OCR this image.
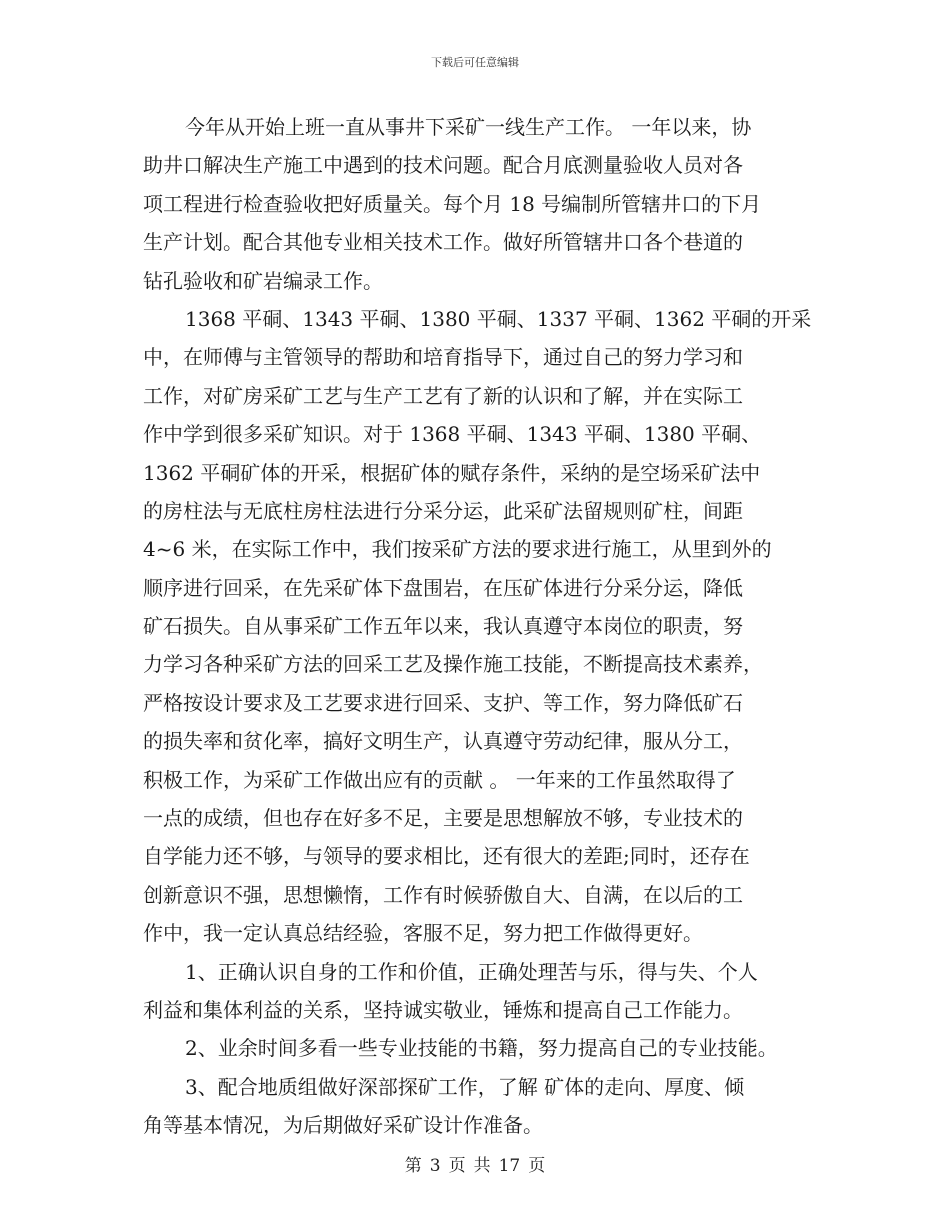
下载后可任意编辑
今年从开始上班一直从事井下采矿一线生产工作。 一年以来，协
助井口解决生产施工中遇到的技术问题。配合月底测量验收人员对各
项工程进行检查验收把好质量关。每个月 18 号编制所管辖井口的下月
生产计划。配合其他专业相关技术工作。做好所管辖井口各个巷道的
钻孔验收和矿岩编录工作。
1368 平硐、1343 平硐、1380 平硐、1337 平硐、1362 平硐的开采
中，在师傅与主管领导的帮助和培育指导下，通过自己的努力学习和
工作，对矿房采矿工艺与生产工艺有了新的认识和了解，并在实际工
作中学到很多采矿知识。对于 1368 平硐、1343 平硐、1380 平硐、
1362 平硐矿体的开采，根据矿体的赋存条件，采纳的是空场采矿法中
的房柱法与无底柱房柱法进行分采分运，此采矿法留规则矿柱，间距
4~6 米，在实际工作中，我们按采矿方法的要求进行施工，从里到外的
顺序进行回采，在先采矿体下盘围岩，在压矿体进行分采分运，降低
矿石损失。自从事采矿工作五年以来，我认真遵守本岗位的职责，努
力学习各种采矿方法的回采工艺及操作施工技能，不断提高技术素养，
严格按设计要求及工艺要求进行回采、支护、等工作，努力降低矿石
的损失率和贫化率，搞好文明生产，认真遵守劳动纪律，服从分工，
积极工作，为采矿工作做出应有的贡献 。 一年来的工作虽然取得了
一点的成绩，但也存在好多不足，主要是思想解放不够，专业技术的
自学能力还不够，与领导的要求相比，还有很大的差距;同时，还存在
创新意识不强，思想懒惰，工作有时候骄傲自大、自满，在以后的工
作中，我一定认真总结经验，客服不足，努力把工作做得更好。
1、正确认识自身的工作和价值，正确处理苦与乐，得与失、个人
利益和集体利益的关系，坚持诚实敬业，锤炼和提高自己工作能力。
2、业余时间多看一些专业技能的书籍，努力提高自己的专业技能。
3、配合地质组做好深部探矿工作，了解 矿体的走向、厚度、倾
角等基本情况，为后期做好采矿设计作准备。
第 3 页 共 17 页
